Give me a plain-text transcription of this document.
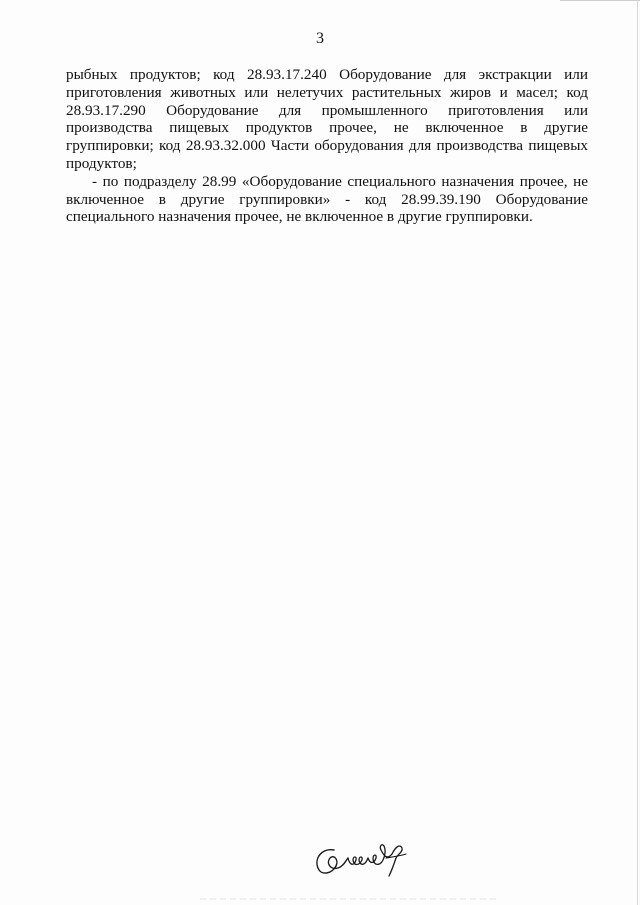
3

рыбных продуктов; код 28.93.17.240 Оборудование для экстракции или приготовления животных или нелетучих растительных жиров и масел; код 28.93.17.290 Оборудование для промышленного приготовления или производства пищевых продуктов прочее, не включенное в другие группировки; код 28.93.32.000 Части оборудования для производства пищевых продуктов;

- по подразделу 28.99 «Оборудование специального назначения прочее, не включенное в другие группировки» - код 28.99.39.190 Оборудование специального назначения прочее, не включенное в другие группировки.
